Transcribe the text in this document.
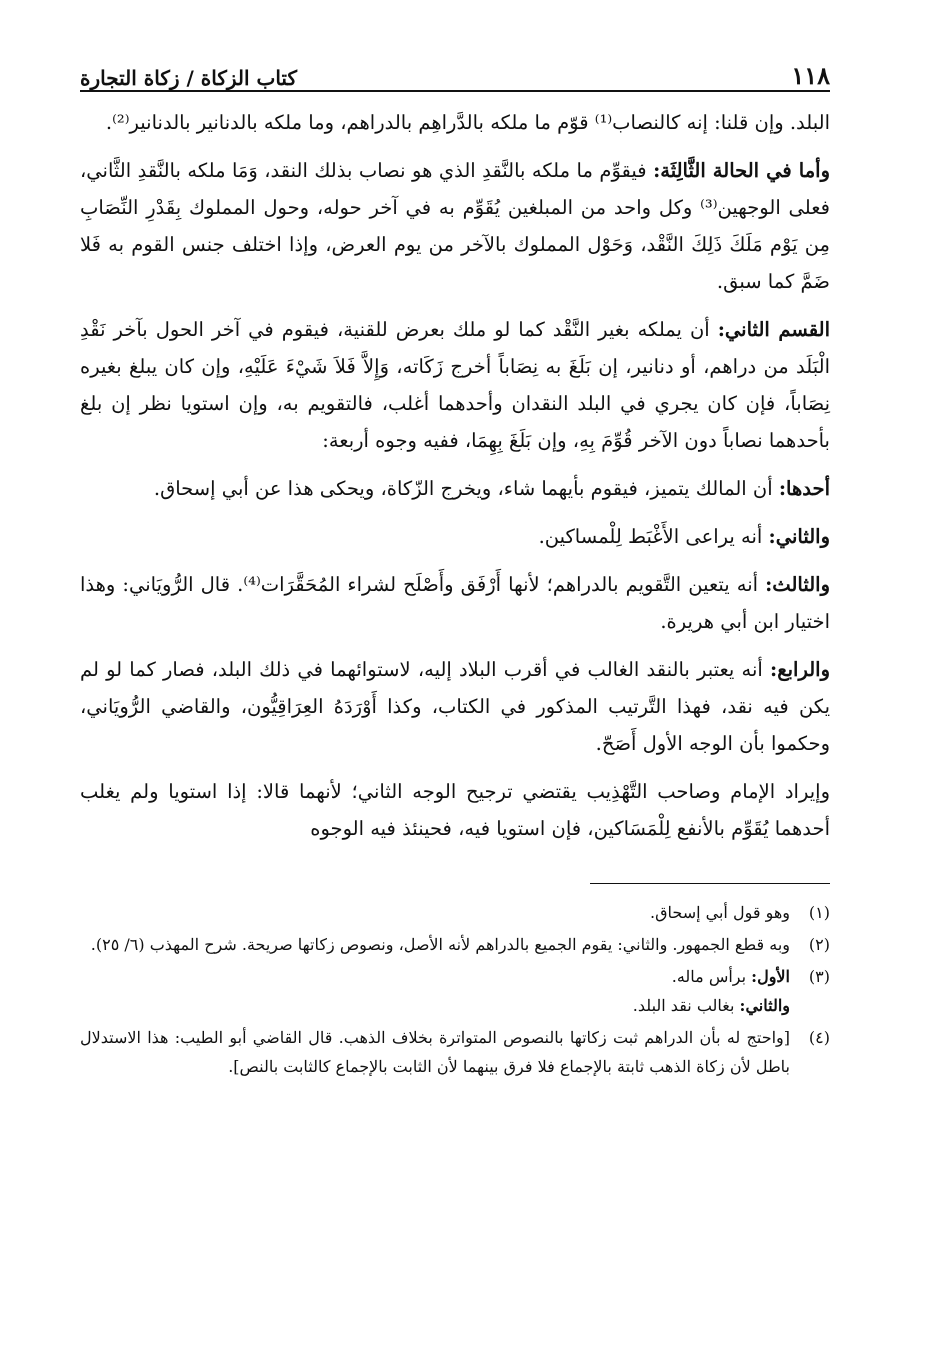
١١٨
كتاب الزكاة / زكاة التجارة

البلد. وإن قلنا: إنه كالنصاب⁽¹⁾ قوّم ما ملكه بالدَّراهِم بالدراهم، وما ملكه بالدنانير بالدنانير⁽²⁾.

وأما في الحالة الثَّالِثَة: فيقوِّم ما ملكه بالنَّقدِ الذي هو نصاب بذلك النقد، وَمَا ملكه بالنَّقدِ الثَّاني، فعلى الوجهين⁽³⁾ وكل واحد من المبلغين يُقَوِّم به في آخر حوله، وحول المملوك بِقَدْرِ النِّصَابِ مِن يَوْم مَلَكَ ذَلِكَ النَّقْد، وَحَوْل المملوك بالآخر من يوم العرض، وإذا اختلف جنس القوم به فَلا ضَمَّ كما سبق.

القسم الثاني: أن يملكه بغير النَّقْد كما لو ملك بعرض للقنية، فيقوم في آخر الحول بآخر نَقْدِ الْبَلَد من دراهم، أو دنانير، إن بَلَغَ به نِصَاباً أخرج زَكَاته، وَإِلاَّ فَلاَ شَيْءَ عَلَيْهِ، وإن كان يبلغ بغيره نِصَاباً، فإن كان يجري في البلد النقدان وأحدهما أغلب، فالتقويم به، وإن استويا نظر إن بلغ بأحدهما نصاباً دون الآخر قُوِّمَ بِهِ، وإن بَلَغَ بِهِمَا، ففيه وجوه أربعة:

أحدها: أن المالك يتميز، فيقوم بأيهما شاء، ويخرج الزّكاة، ويحكى هذا عن أبي إسحاق.

والثاني: أنه يراعى الأَغْبَط لِلْمساكين.

والثالث: أنه يتعين التَّقويم بالدراهم؛ لأنها أَرْفَق وأَصْلَح لشراء المُحَقَّرَات⁽⁴⁾. قال الرُّويَاني: وهذا اختيار ابن أبي هريرة.

والرابع: أنه يعتبر بالنقد الغالب في أقرب البلاد إليه، لاستوائهما في ذلك البلد، فصار كما لو لم يكن فيه نقد، فهذا التَّرتيب المذكور في الكتاب، وكذا أَوْرَدَهُ العِرَاقِيُّون، والقاضي الرُّويَاني، وحكموا بأن الوجه الأول أَصَحّ.

وإيراد الإمام وصاحب التَّهْذِيب يقتضي ترجيح الوجه الثاني؛ لأنهما قالا: إذا استويا ولم يغلب أحدهما يُقَوِّم بالأنفع لِلْمَسَاكين، فإن استويا فيه، فحينئذ فيه الوجوه

(١)
وهو قول أبي إسحاق.
(٢)
وبه قطع الجمهور. والثاني: يقوم الجميع بالدراهم لأنه الأصل، ونصوص زكاتها صريحة. شرح المهذب (٦/ ٢٥).
(٣)
الأول: برأس ماله.
والثاني: بغالب نقد البلد.
(٤)
[واحتج له بأن الدراهم ثبت زكاتها بالنصوص المتواترة بخلاف الذهب. قال القاضي أبو الطيب: هذا الاستدلال باطل لأن زكاة الذهب ثابتة بالإجماع فلا فرق بينهما لأن الثابت بالإجماع كالثابت بالنص].
